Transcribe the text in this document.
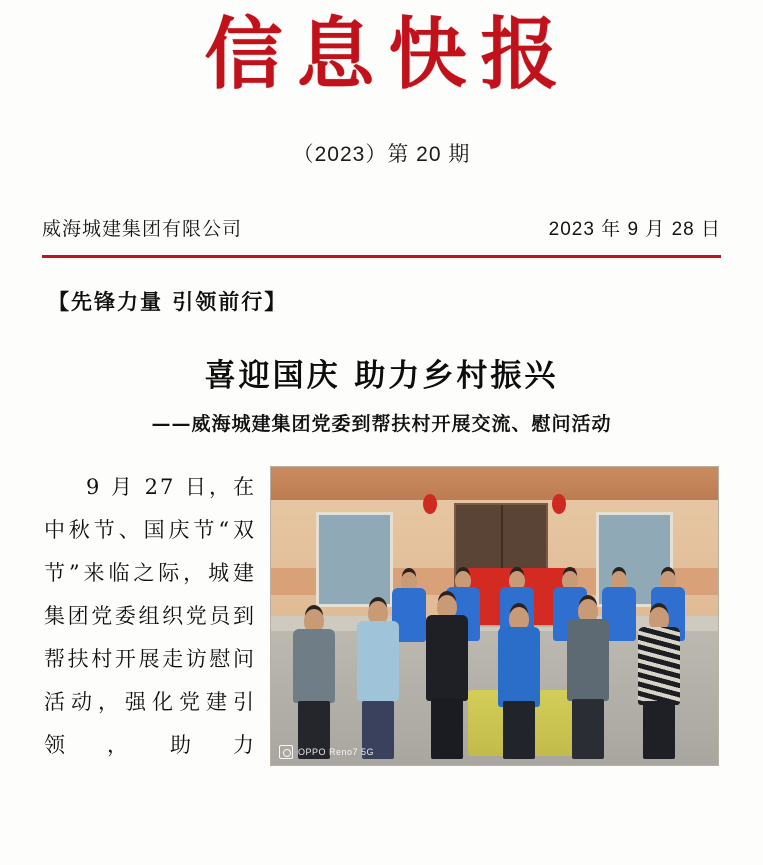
信息快报
（2023）第 20 期
威海城建集团有限公司	2023 年 9 月 28 日
【先锋力量 引领前行】
喜迎国庆 助力乡村振兴
——威海城建集团党委到帮扶村开展交流、慰问活动

9 月 27 日，在中秋节、国庆节“双节”来临之际，城建集团党委组织党员到帮扶村开展走访慰问活动，强化党建引领，助力	OPPO Reno7 5G
